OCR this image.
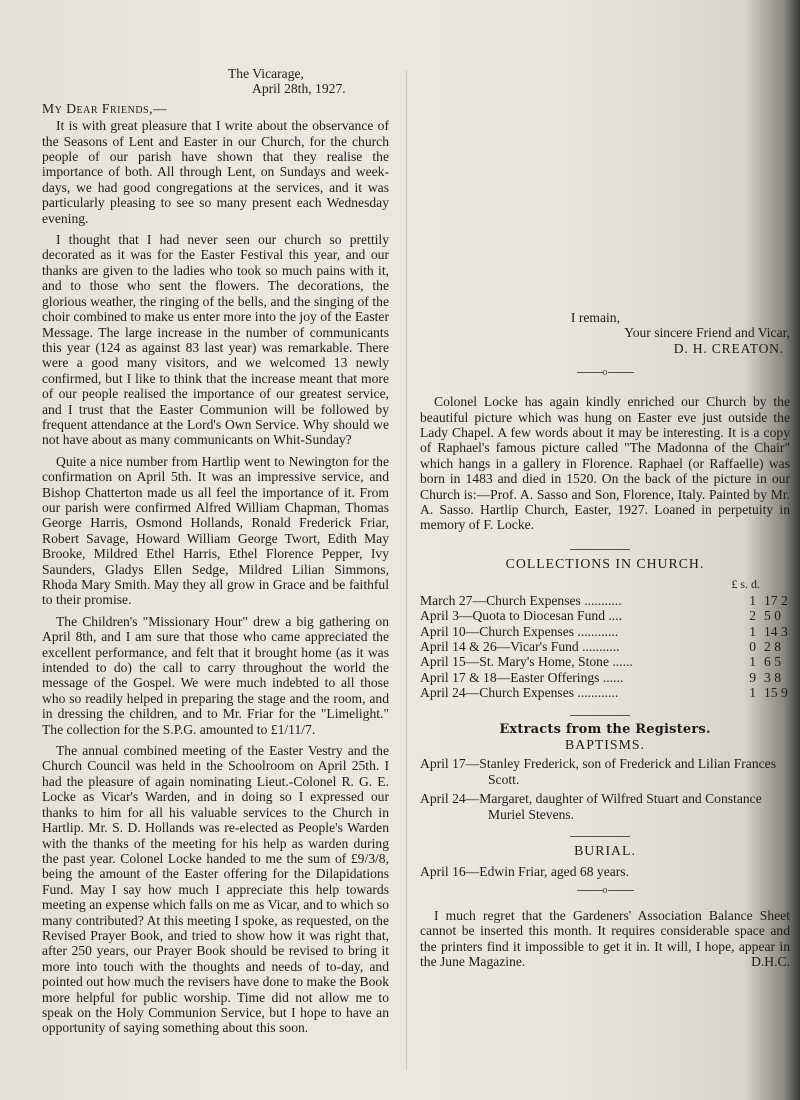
The Vicarage,

April 28th, 1927.

My Dear Friends,—

It is with great pleasure that I write about the observance of the Seasons of Lent and Easter in our Church, for the church people of our parish have shown that they realise the importance of both. All through Lent, on Sundays and week-days, we had good congregations at the services, and it was particularly pleasing to see so many present each Wednesday evening.

I thought that I had never seen our church so prettily decorated as it was for the Easter Festival this year, and our thanks are given to the ladies who took so much pains with it, and to those who sent the flowers. The decorations, the glorious weather, the ringing of the bells, and the singing of the choir combined to make us enter more into the joy of the Easter Message. The large increase in the number of communicants this year (124 as against 83 last year) was remarkable. There were a good many visitors, and we welcomed 13 newly confirmed, but I like to think that the increase meant that more of our people realised the importance of our greatest service, and I trust that the Easter Communion will be followed by frequent attendance at the Lord's Own Service. Why should we not have about as many communicants on Whit-Sunday?

Quite a nice number from Hartlip went to Newington for the confirmation on April 5th. It was an impressive service, and Bishop Chatterton made us all feel the importance of it. From our parish were confirmed Alfred William Chapman, Thomas George Harris, Osmond Hollands, Ronald Frederick Friar, Robert Savage, Howard William George Twort, Edith May Brooke, Mildred Ethel Harris, Ethel Florence Pepper, Ivy Saunders, Gladys Ellen Sedge, Mildred Lilian Simmons, Rhoda Mary Smith. May they all grow in Grace and be faithful to their promise.

The Children's "Missionary Hour" drew a big gathering on April 8th, and I am sure that those who came appreciated the excellent performance, and felt that it brought home (as it was intended to do) the call to carry throughout the world the message of the Gospel. We were much indebted to all those who so readily helped in preparing the stage and the room, and in dressing the children, and to Mr. Friar for the "Limelight." The collection for the S.P.G. amounted to £1/11/7.

The annual combined meeting of the Easter Vestry and the Church Council was held in the Schoolroom on April 25th. I had the pleasure of again nominating Lieut.-Colonel R. G. E. Locke as Vicar's Warden, and in doing so I expressed our thanks to him for all his valuable services to the Church in Hartlip. Mr. S. D. Hollands was re-elected as People's Warden with the thanks of the meeting for his help as warden during the past year. Colonel Locke handed to me the sum of £9/3/8, being the amount of the Easter offering for the Dilapidations Fund. May I say how much I appreciate this help towards meeting an expense which falls on me as Vicar, and to which so many contributed? At this meeting I spoke, as requested, on the Revised Prayer Book, and tried to show how it was right that, after 250 years, our Prayer Book should be revised to bring it more into touch with the thoughts and needs of to-day, and pointed out how much the revisers have done to make the Book more helpful for public worship. Time did not allow me to speak on the Holy Communion Service, but I hope to have an opportunity of saying something about this soon.

I remain,

Your sincere Friend and Vicar,

D. H. CREATON.

o

Colonel Locke has again kindly enriched our Church by the beautiful picture which was hung on Easter eve just outside the Lady Chapel. A few words about it may be interesting. It is a copy of Raphael's famous picture called "The Madonna of the Chair" which hangs in a gallery in Florence. Raphael (or Raffaelle) was born in 1483 and died in 1520. On the back of the picture in our Church is:—Prof. A. Sasso and Son, Florence, Italy. Painted by Mr. A. Sasso. Hartlip Church, Easter, 1927. Loaned in perpetuity in memory of F. Locke.

COLLECTIONS IN CHURCH.

£ s. d.
March 27—Church Expenses ...........	1	17 2
April 3—Quota to Diocesan Fund ....	2	5 0
April 10—Church Expenses ............	1	14 3
April 14 & 26—Vicar's Fund ...........	0	2 8
April 15—St. Mary's Home, Stone ......	1	6 5
April 17 & 18—Easter Offerings ......	9	3 8
April 24—Church Expenses ............	1	15 9

Extracts from the Registers.

BAPTISMS.

April 17—Stanley Frederick, son of Frederick and Lilian Frances Scott.

April 24—Margaret, daughter of Wilfred Stuart and Constance Muriel Stevens.

BURIAL.

April 16—Edwin Friar, aged 68 years.

o

I much regret that the Gardeners' Association Balance Sheet cannot be inserted this month. It requires considerable space and the printers find it impossible to get it in. It will, I hope, appear in the June Magazine.	D.H.C.
